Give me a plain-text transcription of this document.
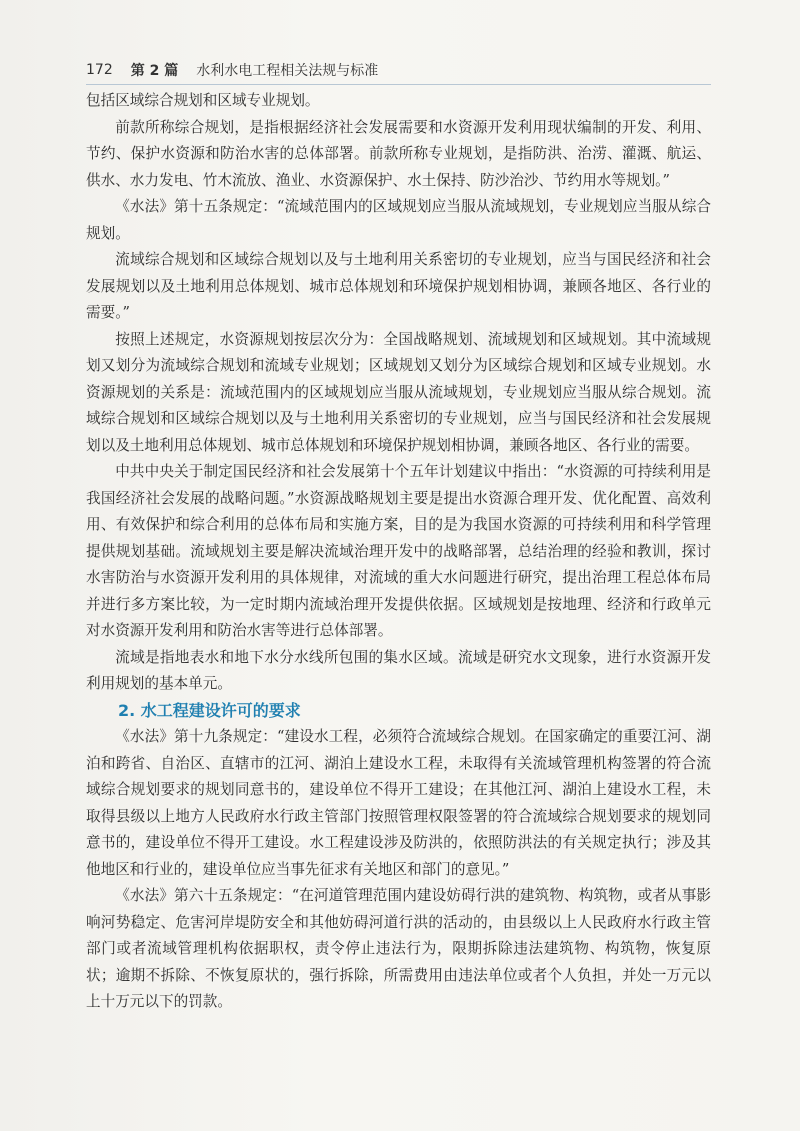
172 第 2 篇 水利水电工程相关法规与标准

包括区域综合规划和区域专业规划。

前款所称综合规划，是指根据经济社会发展需要和水资源开发利用现状编制的开发、利用、节约、保护水资源和防治水害的总体部署。前款所称专业规划，是指防洪、治涝、灌溉、航运、供水、水力发电、竹木流放、渔业、水资源保护、水土保持、防沙治沙、节约用水等规划。”

《水法》第十五条规定：“流域范围内的区域规划应当服从流域规划，专业规划应当服从综合规划。

流域综合规划和区域综合规划以及与土地利用关系密切的专业规划，应当与国民经济和社会发展规划以及土地利用总体规划、城市总体规划和环境保护规划相协调，兼顾各地区、各行业的需要。”

按照上述规定，水资源规划按层次分为：全国战略规划、流域规划和区域规划。其中流域规划又划分为流域综合规划和流域专业规划；区域规划又划分为区域综合规划和区域专业规划。水资源规划的关系是：流域范围内的区域规划应当服从流域规划，专业规划应当服从综合规划。流域综合规划和区域综合规划以及与土地利用关系密切的专业规划，应当与国民经济和社会发展规划以及土地利用总体规划、城市总体规划和环境保护规划相协调，兼顾各地区、各行业的需要。

中共中央关于制定国民经济和社会发展第十个五年计划建议中指出：“水资源的可持续利用是我国经济社会发展的战略问题。”水资源战略规划主要是提出水资源合理开发、优化配置、高效利用、有效保护和综合利用的总体布局和实施方案，目的是为我国水资源的可持续利用和科学管理提供规划基础。流域规划主要是解决流域治理开发中的战略部署，总结治理的经验和教训，探讨水害防治与水资源开发利用的具体规律，对流域的重大水问题进行研究，提出治理工程总体布局并进行多方案比较，为一定时期内流域治理开发提供依据。区域规划是按地理、经济和行政单元对水资源开发利用和防治水害等进行总体部署。

流域是指地表水和地下水分水线所包围的集水区域。流域是研究水文现象，进行水资源开发利用规划的基本单元。

2. 水工程建设许可的要求

《水法》第十九条规定：“建设水工程，必须符合流域综合规划。在国家确定的重要江河、湖泊和跨省、自治区、直辖市的江河、湖泊上建设水工程，未取得有关流域管理机构签署的符合流域综合规划要求的规划同意书的，建设单位不得开工建设；在其他江河、湖泊上建设水工程，未取得县级以上地方人民政府水行政主管部门按照管理权限签署的符合流域综合规划要求的规划同意书的，建设单位不得开工建设。水工程建设涉及防洪的，依照防洪法的有关规定执行；涉及其他地区和行业的，建设单位应当事先征求有关地区和部门的意见。”

《水法》第六十五条规定：“在河道管理范围内建设妨碍行洪的建筑物、构筑物，或者从事影响河势稳定、危害河岸堤防安全和其他妨碍河道行洪的活动的，由县级以上人民政府水行政主管部门或者流域管理机构依据职权，责令停止违法行为，限期拆除违法建筑物、构筑物，恢复原状；逾期不拆除、不恢复原状的，强行拆除，所需费用由违法单位或者个人负担，并处一万元以上十万元以下的罚款。
